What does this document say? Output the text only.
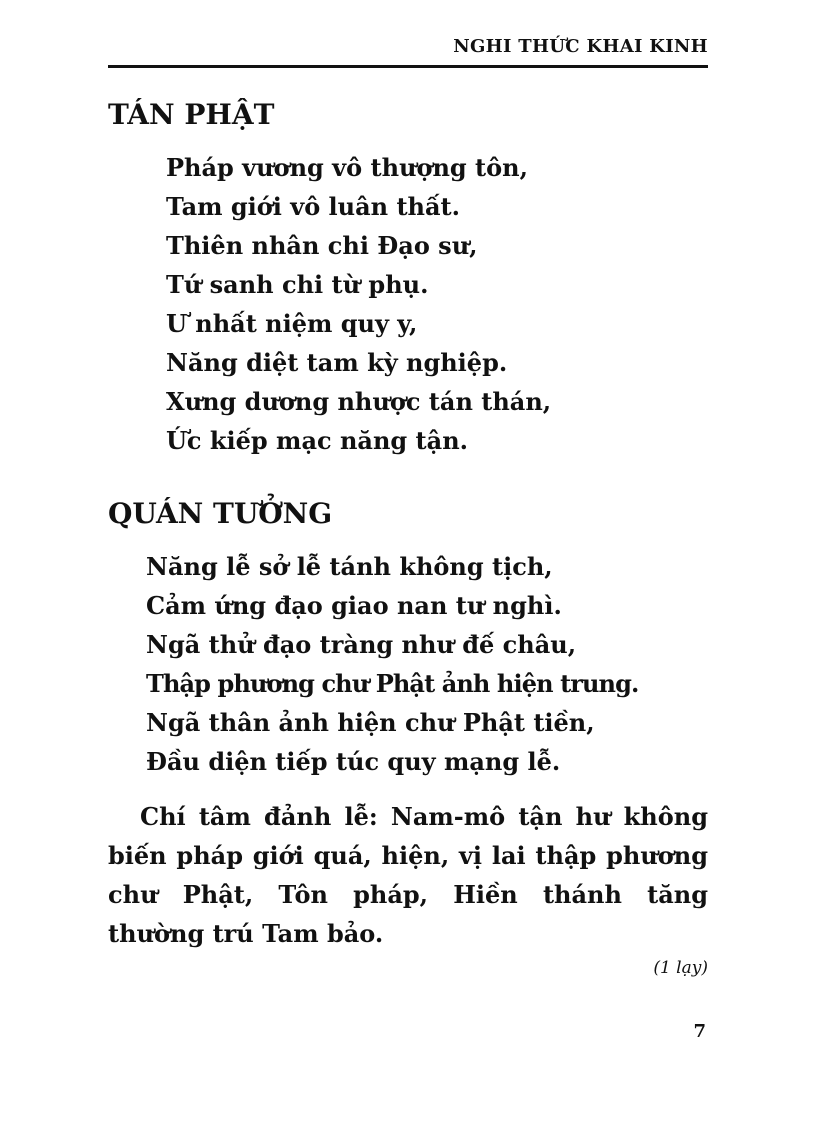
NGHI THỨC KHAI KINH
TÁN PHẬT
Pháp vương vô thượng tôn,
Tam giới vô luân thất.
Thiên nhân chi Đạo sư,
Tứ sanh chi từ phụ.
Ư nhất niệm quy y,
Năng diệt tam kỳ nghiệp.
Xưng dương nhược tán thán,
Ức kiếp mạc năng tận.
QUÁN TƯỞNG
Năng lễ sở lễ tánh không tịch,
Cảm ứng đạo giao nan tư nghì.
Ngã thử đạo tràng như đế châu,
Thập phương chư Phật ảnh hiện trung.
Ngã thân ảnh hiện chư Phật tiền,
Đầu diện tiếp túc quy mạng lễ.

Chí tâm đảnh lễ: Nam-mô tận hư không biến pháp giới quá, hiện, vị lai thập phương chư Phật, Tôn pháp, Hiền thánh tăng thường trú Tam bảo.

(1 lạy)
7
